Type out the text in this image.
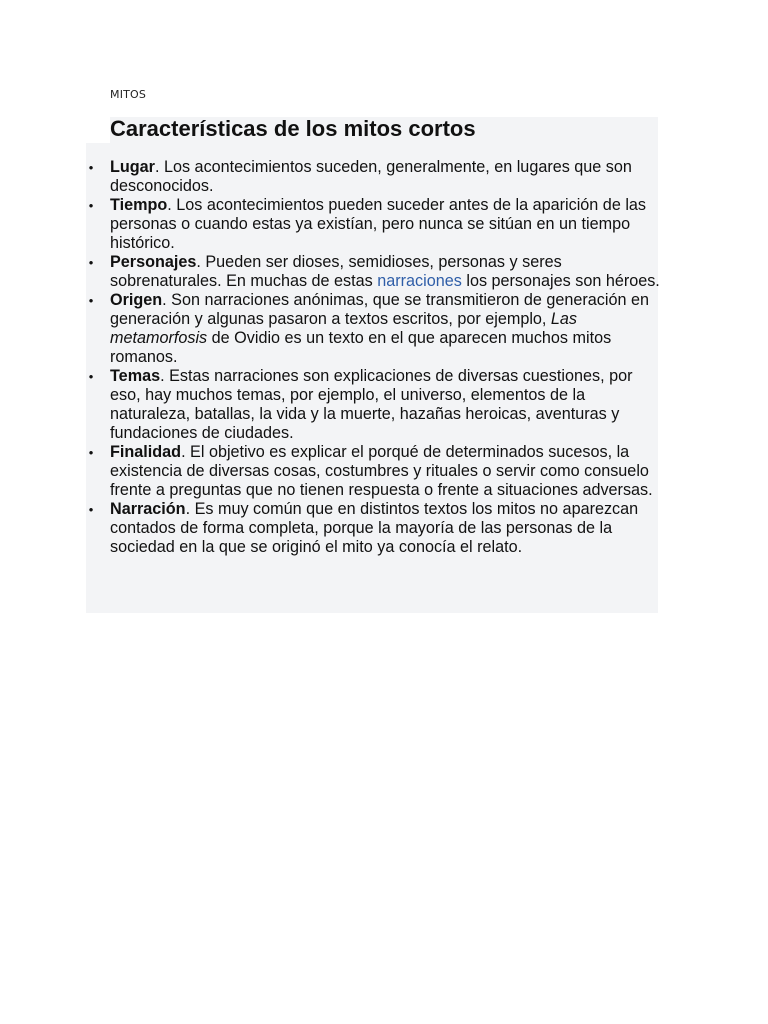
MITOS
Características de los mitos cortos
• Lugar. Los acontecimientos suceden, generalmente, en lugares que son desconocidos.
• Tiempo. Los acontecimientos pueden suceder antes de la aparición de las personas o cuando estas ya existían, pero nunca se sitúan en un tiempo histórico.
• Personajes. Pueden ser dioses, semidioses, personas y seres sobrenaturales. En muchas de estas narraciones los personajes son héroes.
• Origen. Son narraciones anónimas, que se transmitieron de generación en generación y algunas pasaron a textos escritos, por ejemplo, Las metamorfosis de Ovidio es un texto en el que aparecen muchos mitos romanos.
• Temas. Estas narraciones son explicaciones de diversas cuestiones, por eso, hay muchos temas, por ejemplo, el universo, elementos de la naturaleza, batallas, la vida y la muerte, hazañas heroicas, aventuras y fundaciones de ciudades.
• Finalidad. El objetivo es explicar el porqué de determinados sucesos, la existencia de diversas cosas, costumbres y rituales o servir como consuelo frente a preguntas que no tienen respuesta o frente a situaciones adversas.
• Narración. Es muy común que en distintos textos los mitos no aparezcan contados de forma completa, porque la mayoría de las personas de la sociedad en la que se originó el mito ya conocía el relato.
